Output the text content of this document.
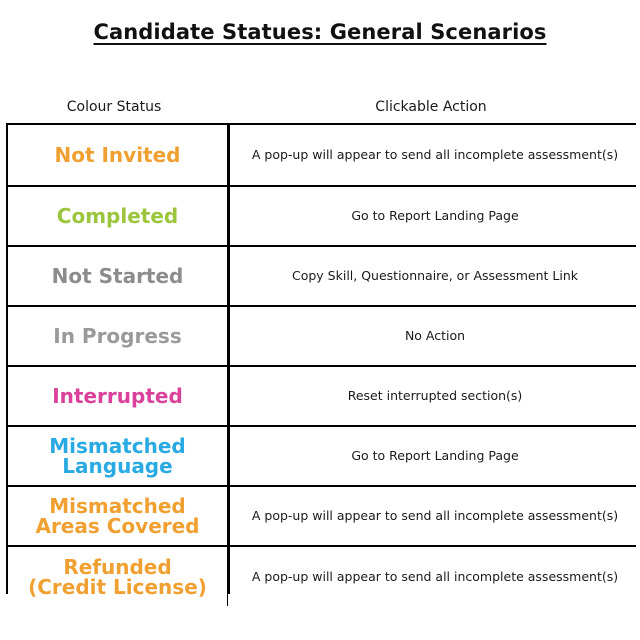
Candidate Statues: General Scenarios
Colour Status	Clickable Action
Not Invited	A pop-up will appear to send all incomplete assessment(s)
Completed	Go to Report Landing Page
Not Started	Copy Skill, Questionnaire, or Assessment Link
In Progress	No Action
Interrupted	Reset interrupted section(s)
Mismatched
Language	Go to Report Landing Page
Mismatched
Areas Covered	A pop-up will appear to send all incomplete assessment(s)
Refunded
(Credit License)	A pop-up will appear to send all incomplete assessment(s)
